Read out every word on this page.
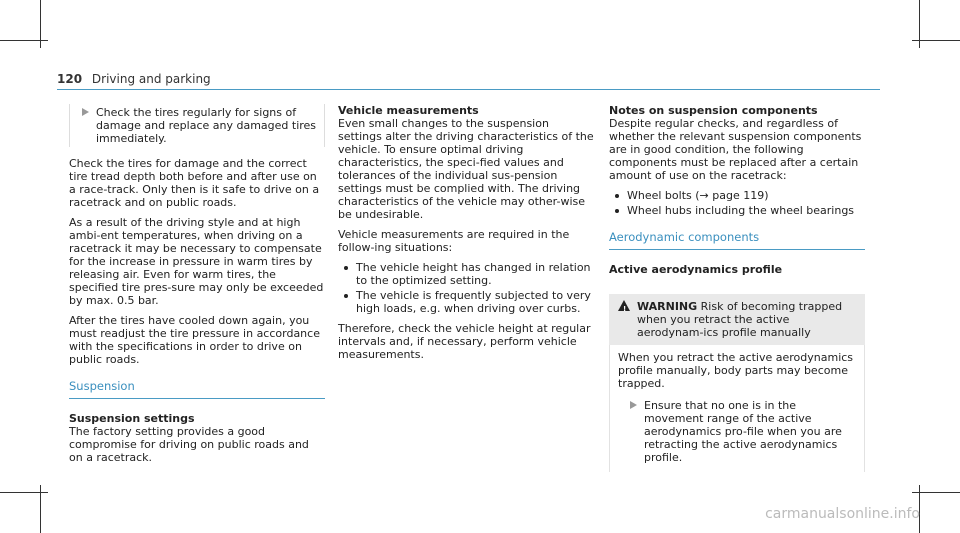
120 Driving and parking
Check the tires regularly for signs of damage and replace any damaged tires immediately.

Check the tires for damage and the correct tire tread depth both before and after use on a race-track. Only then is it safe to drive on a racetrack and on public roads.

As a result of the driving style and at high ambi-ent temperatures, when driving on a racetrack it may be necessary to compensate for the increase in pressure in warm tires by releasing air. Even for warm tires, the specified tire pres-sure may only be exceeded by max. 0.5 bar.

After the tires have cooled down again, you must readjust the tire pressure in accordance with the specifications in order to drive on public roads.

Suspension
Suspension settings

The factory setting provides a good compromise for driving on public roads and on a racetrack.

Vehicle measurements

Even small changes to the suspension settings alter the driving characteristics of the vehicle. To ensure optimal driving characteristics, the speci-fied values and tolerances of the individual sus-pension settings must be complied with. The driving characteristics of the vehicle may other-wise be undesirable.

Vehicle measurements are required in the follow-ing situations:

The vehicle height has changed in relation to the optimized setting.
The vehicle is frequently subjected to very high loads, e.g. when driving over curbs.

Therefore, check the vehicle height at regular intervals and, if necessary, perform vehicle measurements.

Notes on suspension components

Despite regular checks, and regardless of whether the relevant suspension components are in good condition, the following components must be replaced after a certain amount of use on the racetrack:

Wheel bolts (→ page 119)
Wheel hubs including the wheel bearings
Aerodynamic components
Active aerodynamics profile
! WARNING Risk of becoming trapped when you retract the active aerodynam-ics profile manually

When you retract the active aerodynamics profile manually, body parts may become trapped.

Ensure that no one is in the movement range of the active aerodynamics pro-file when you are retracting the active aerodynamics profile.
carmanualsonline.info
